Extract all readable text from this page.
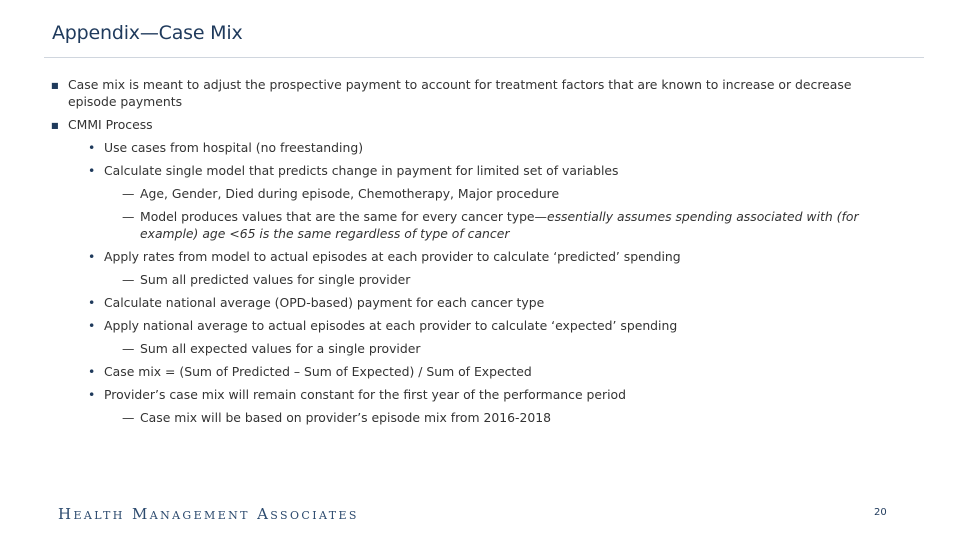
Appendix—Case Mix
■ Case mix is meant to adjust the prospective payment to account for treatment factors that are known to increase or decrease episode payments
■ CMMI Process
• Use cases from hospital (no freestanding)
• Calculate single model that predicts change in payment for limited set of variables
— Age, Gender, Died during episode, Chemotherapy, Major procedure
— Model produces values that are the same for every cancer type—essentially assumes spending associated with (for example) age <65 is the same regardless of type of cancer
• Apply rates from model to actual episodes at each provider to calculate ‘predicted’ spending
— Sum all predicted values for single provider
• Calculate national average (OPD-based) payment for each cancer type
• Apply national average to actual episodes at each provider to calculate ‘expected’ spending
— Sum all expected values for a single provider
• Case mix = (Sum of Predicted – Sum of Expected) / Sum of Expected
• Provider’s case mix will remain constant for the first year of the performance period
— Case mix will be based on provider’s episode mix from 2016-2018
Health Management Associates	20
